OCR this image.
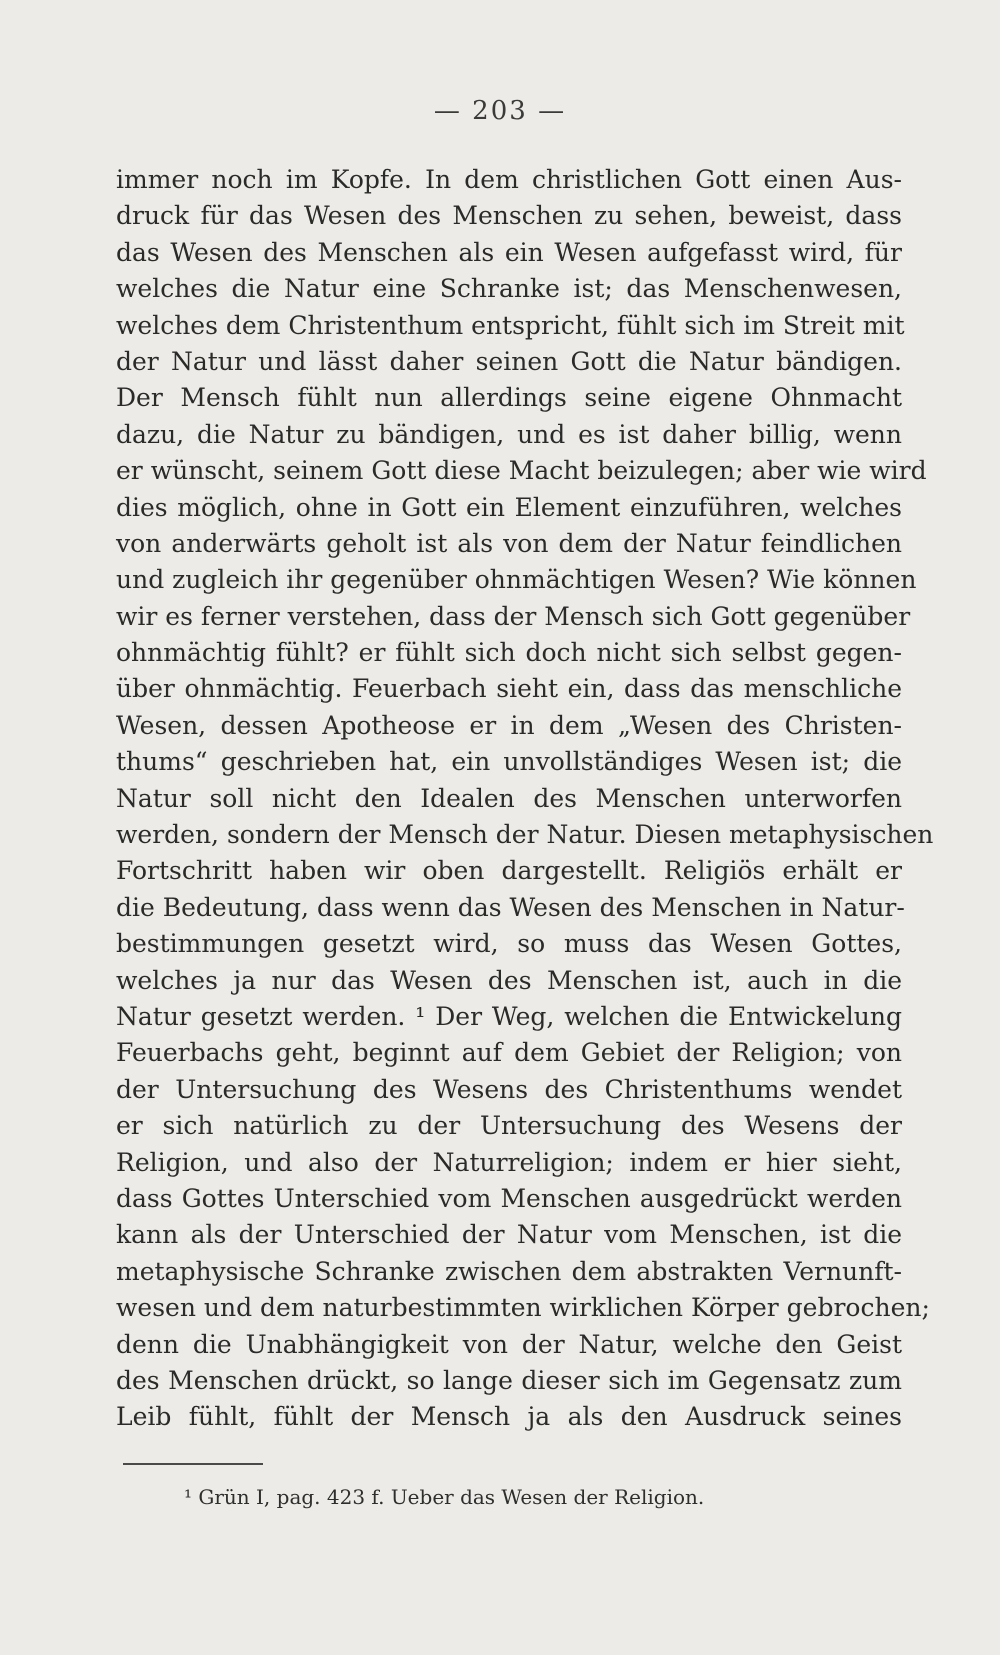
— 203 —
immer noch im Kopfe. In dem christlichen Gott einen Aus-
druck für das Wesen des Menschen zu sehen, beweist, dass
das Wesen des Menschen als ein Wesen aufgefasst wird, für
welches die Natur eine Schranke ist; das Menschenwesen,
welches dem Christenthum entspricht, fühlt sich im Streit mit
der Natur und lässt daher seinen Gott die Natur bändigen.
Der Mensch fühlt nun allerdings seine eigene Ohnmacht
dazu, die Natur zu bändigen, und es ist daher billig, wenn
er wünscht, seinem Gott diese Macht beizulegen; aber wie wird
dies möglich, ohne in Gott ein Element einzuführen, welches
von anderwärts geholt ist als von dem der Natur feindlichen
und zugleich ihr gegenüber ohnmächtigen Wesen? Wie können
wir es ferner verstehen, dass der Mensch sich Gott gegenüber
ohnmächtig fühlt? er fühlt sich doch nicht sich selbst gegen-
über ohnmächtig. Feuerbach sieht ein, dass das menschliche
Wesen, dessen Apotheose er in dem „Wesen des Christen-
thums“ geschrieben hat, ein unvollständiges Wesen ist; die
Natur soll nicht den Idealen des Menschen unterworfen
werden, sondern der Mensch der Natur. Diesen metaphysischen
Fortschritt haben wir oben dargestellt. Religiös erhält er
die Bedeutung, dass wenn das Wesen des Menschen in Natur-
bestimmungen gesetzt wird, so muss das Wesen Gottes,
welches ja nur das Wesen des Menschen ist, auch in die
Natur gesetzt werden. ¹ Der Weg, welchen die Entwickelung
Feuerbachs geht, beginnt auf dem Gebiet der Religion; von
der Untersuchung des Wesens des Christenthums wendet
er sich natürlich zu der Untersuchung des Wesens der
Religion, und also der Naturreligion; indem er hier sieht,
dass Gottes Unterschied vom Menschen ausgedrückt werden
kann als der Unterschied der Natur vom Menschen, ist die
metaphysische Schranke zwischen dem abstrakten Vernunft-
wesen und dem naturbestimmten wirklichen Körper gebrochen;
denn die Unabhängigkeit von der Natur, welche den Geist
des Menschen drückt, so lange dieser sich im Gegensatz zum
Leib fühlt, fühlt der Mensch ja als den Ausdruck seines
¹ Grün I, pag. 423 f. Ueber das Wesen der Religion.
